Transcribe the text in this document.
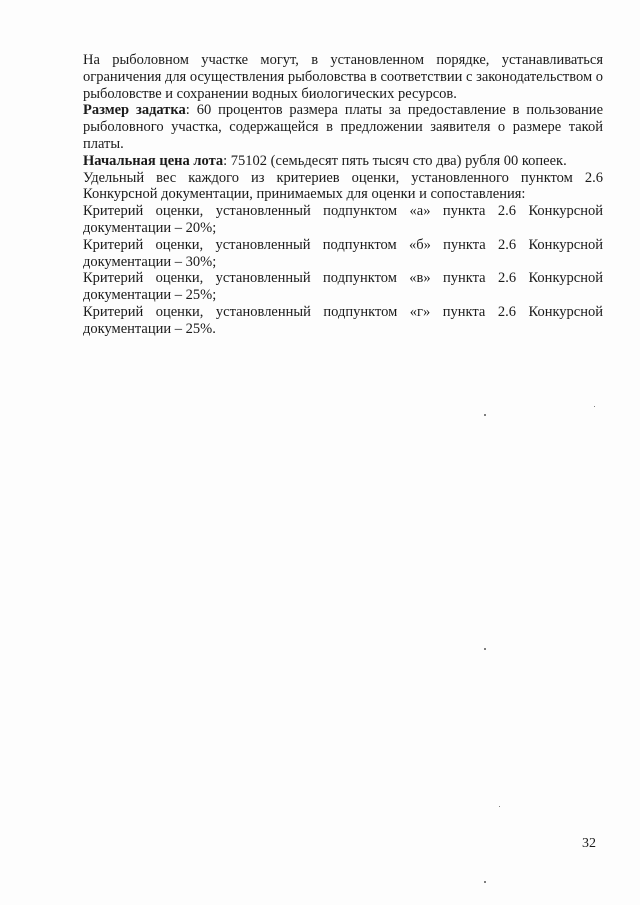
На рыболовном участке могут, в установленном порядке, устанавливаться ограничения для осуществления рыболовства в соответствии с законодательством о рыболовстве и сохранении водных биологических ресурсов.

Размер задатка: 60 процентов размера платы за предоставление в пользование рыболовного участка, содержащейся в предложении заявителя о размере такой платы.

Начальная цена лота: 75102 (семьдесят пять тысяч сто два) рубля 00 копеек.

Удельный вес каждого из критериев оценки, установленного пунктом 2.6 Конкурсной документации, принимаемых для оценки и сопоставления:

Критерий оценки, установленный подпунктом «а» пункта 2.6 Конкурсной документации – 20%;

Критерий оценки, установленный подпунктом «б» пункта 2.6 Конкурсной документации – 30%;

Критерий оценки, установленный подпунктом «в» пункта 2.6 Конкурсной документации – 25%;

Критерий оценки, установленный подпунктом «г» пункта 2.6 Конкурсной документации – 25%.

32
